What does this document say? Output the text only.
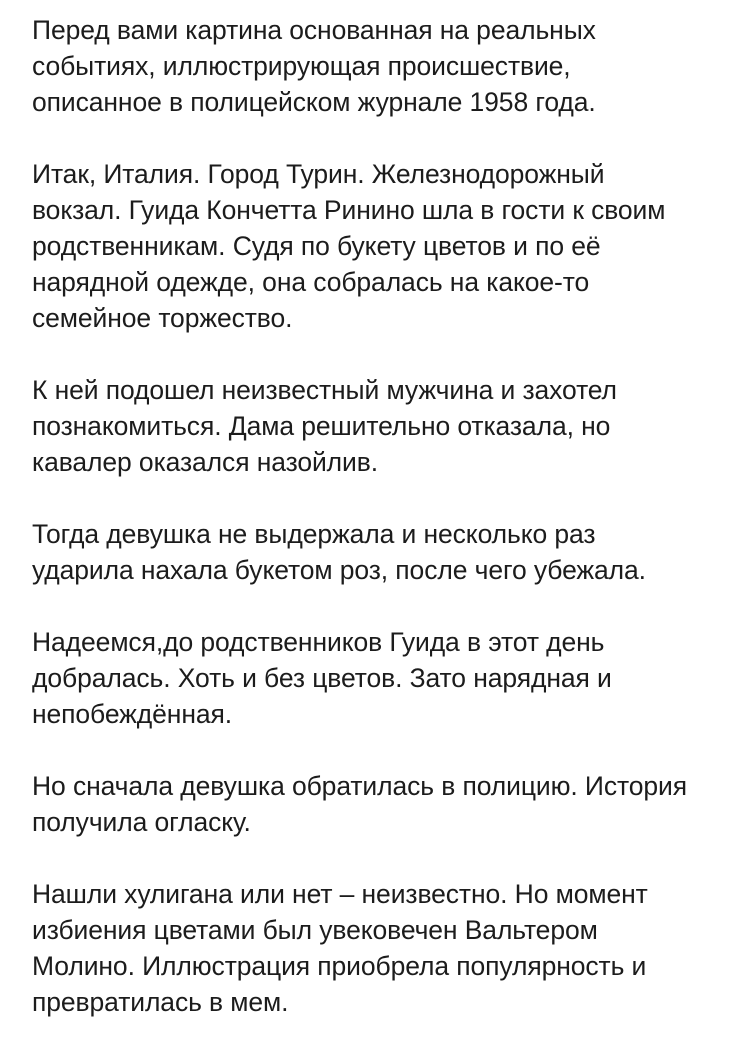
Перед вами картина основанная на реальных
событиях, иллюстрирующая происшествие,
описанное в полицейском журнале 1958 года.

Итак, Италия. Город Турин. Железнодорожный
вокзал. Гуида Кончетта Ринино шла в гости к своим
родственникам. Судя по букету цветов и по её
нарядной одежде, она собралась на какое-то
семейное торжество.

К ней подошел неизвестный мужчина и захотел
познакомиться. Дама решительно отказала, но
кавалер оказался назойлив.

Тогда девушка не выдержала и несколько раз
ударила нахала букетом роз, после чего убежала.

Надеемся,до родственников Гуида в этот день
добралась. Хоть и без цветов. Зато нарядная и
непобеждённая.

Но сначала девушка обратилась в полицию. История
получила огласку.

Нашли хулигана или нет – неизвестно. Но момент
избиения цветами был увековечен Вальтером
Молино. Иллюстрация приобрела популярность и
превратилась в мем.
